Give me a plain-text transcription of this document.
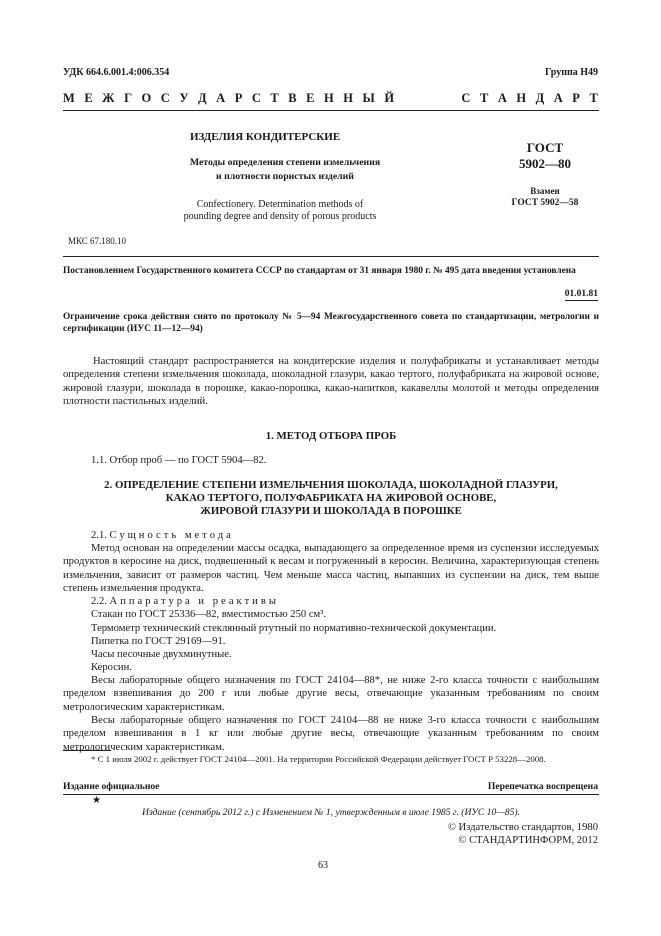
УДК 664.6.001.4:006.354	Группа Н49
М Е Ж Г О С У Д А Р С Т В Е Н Н Ы Й	С Т А Н Д А Р Т
ИЗДЕЛИЯ КОНДИТЕРСКИЕ
Методы определения степени измельчения
и плотности пористых изделий
Confectionery. Determination methods of
pounding degree and density of porous products
ГОСТ
5902—80
Взамен
ГОСТ 5902—58
МКС 67.180.10
Постановлением Государственного комитета СССР по стандартам от 31 января 1980 г. № 495 дата введения установлена
01.01.81
Ограничение срока действия снято по протоколу № 5—94 Межгосударственного совета по стандартизации, метрологии и сертификации (ИУС 11—12—94)
Настоящий стандарт распространяется на кондитерские изделия и полуфабрикаты и устанавливает методы определения степени измельчения шоколада, шоколадной глазури, какао тертого, полуфабриката на жировой основе, жировой глазури, шоколада в порошке, какао-порошка, какао-напитков, какавеллы молотой и методы определения плотности пастильных изделий.
1. МЕТОД ОТБОРА ПРОБ
1.1. Отбор проб — по ГОСТ 5904—82.
2. ОПРЕДЕЛЕНИЕ СТЕПЕНИ ИЗМЕЛЬЧЕНИЯ ШОКОЛАДА, ШОКОЛАДНОЙ ГЛАЗУРИ,
КАКАО ТЕРТОГО, ПОЛУФАБРИКАТА НА ЖИРОВОЙ ОСНОВЕ,
ЖИРОВОЙ ГЛАЗУРИ И ШОКОЛАДА В ПОРОШКЕ
2.1. Сущность метода
Метод основан на определении массы осадка, выпадающего за определенное время из суспензии исследуемых продуктов в керосине на диск, подвешенный к весам и погруженный в керосин. Величина, характеризующая степень измельчения, зависит от размеров частиц. Чем меньше масса частиц, выпавших из суспензии на диск, тем выше степень измельчения продукта.
2.2. Аппаратура и реактивы
Стакан по ГОСТ 25336—82, вместимостью 250 см³.
Термометр технический стеклянный ртутный по нормативно-технической документации.
Пипетка по ГОСТ 29169—91.
Часы песочные двухминутные.
Керосин.
Весы лабораторные общего назначения по ГОСТ 24104—88*, не ниже 2-го класса точности с наибольшим пределом взвешивания до 200 г или любые другие весы, отвечающие указанным требованиям по своим метрологическим характеристикам.
Весы лабораторные общего назначения по ГОСТ 24104—88 не ниже 3-го класса точности с наибольшим пределом взвешивания в 1 кг или любые другие весы, отвечающие указанным требованиям по своим метрологическим характеристикам.
* С 1 июля 2002 г. действует ГОСТ 24104—2001. На территории Российской Федерации действует ГОСТ Р 53228—2008.
Издание официальное	Перепечатка воспрещена
★
Издание (сентябрь 2012 г.) с Изменением № 1, утвержденным в июле 1985 г. (ИУС 10—85).
© Издательство стандартов, 1980
© СТАНДАРТИНФОРМ, 2012
63
